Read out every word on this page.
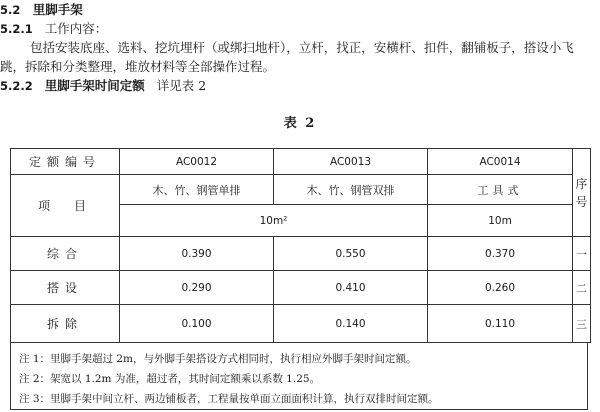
5.2 里脚手架
5.2.1 工作内容：
包括安装底座、选料、挖坑埋杆（或绑扫地杆），立杆，找正，安横杆、扣件，翻铺板子，搭设小飞
跳，拆除和分类整理，堆放材料等全部操作过程。
5.2.2 里脚手架时间定额 详见表 2
表 2
定额编号	AC0012	AC0013	AC0014	序号
项　目	木、竹、钢管单排	木、竹、钢管双排	工具式	
	10m²		10m	
综合	0.390	0.550	0.370	一
搭设	0.290	0.410	0.260	二
拆除	0.100	0.140	0.110	三
注 1：里脚手架超过 2m，与外脚手架搭设方式相同时，执行相应外脚手架时间定额。
注 2：架宽以 1.2m 为准，超过者，其时间定额乘以系数 1.25。
注 3：里脚手架中间立杆、两边铺板者，工程量按单面立面面积计算，执行双排时间定额。
